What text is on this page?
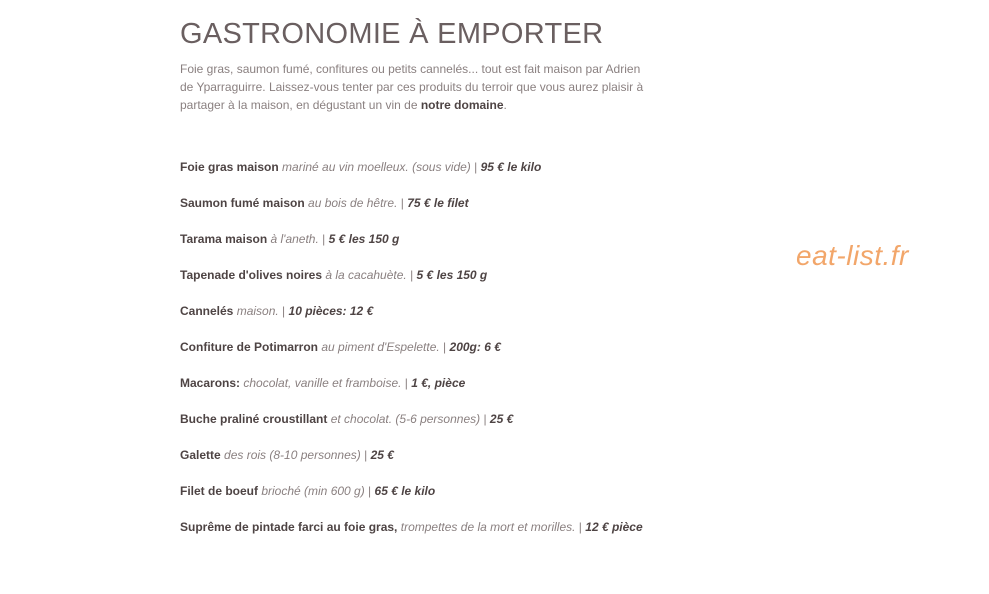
GASTRONOMIE À EMPORTER

Foie gras, saumon fumé, confitures ou petits cannelés... tout est fait maison par Adrien de Yparraguirre. Laissez-vous tenter par ces produits du terroir que vous aurez plaisir à partager à la maison, en dégustant un vin de notre domaine.

Foie gras maison mariné au vin moelleux. (sous vide) | 95 € le kilo
Saumon fumé maison au bois de hêtre. | 75 € le filet
Tarama maison à l'aneth. | 5 € les 150 g
Tapenade d'olives noires à la cacahuète. | 5 € les 150 g
Cannelés maison. | 10 pièces: 12 €
Confiture de Potimarron au piment d'Espelette. | 200g: 6 €
Macarons: chocolat, vanille et framboise. | 1 €, pièce
Buche praliné croustillant et chocolat. (5-6 personnes) | 25 €
Galette des rois (8-10 personnes) | 25 €
Filet de boeuf brioché (min 600 g) | 65 € le kilo
Suprême de pintade farci au foie gras, trompettes de la mort et morilles. | 12 € pièce
eat-list.fr
